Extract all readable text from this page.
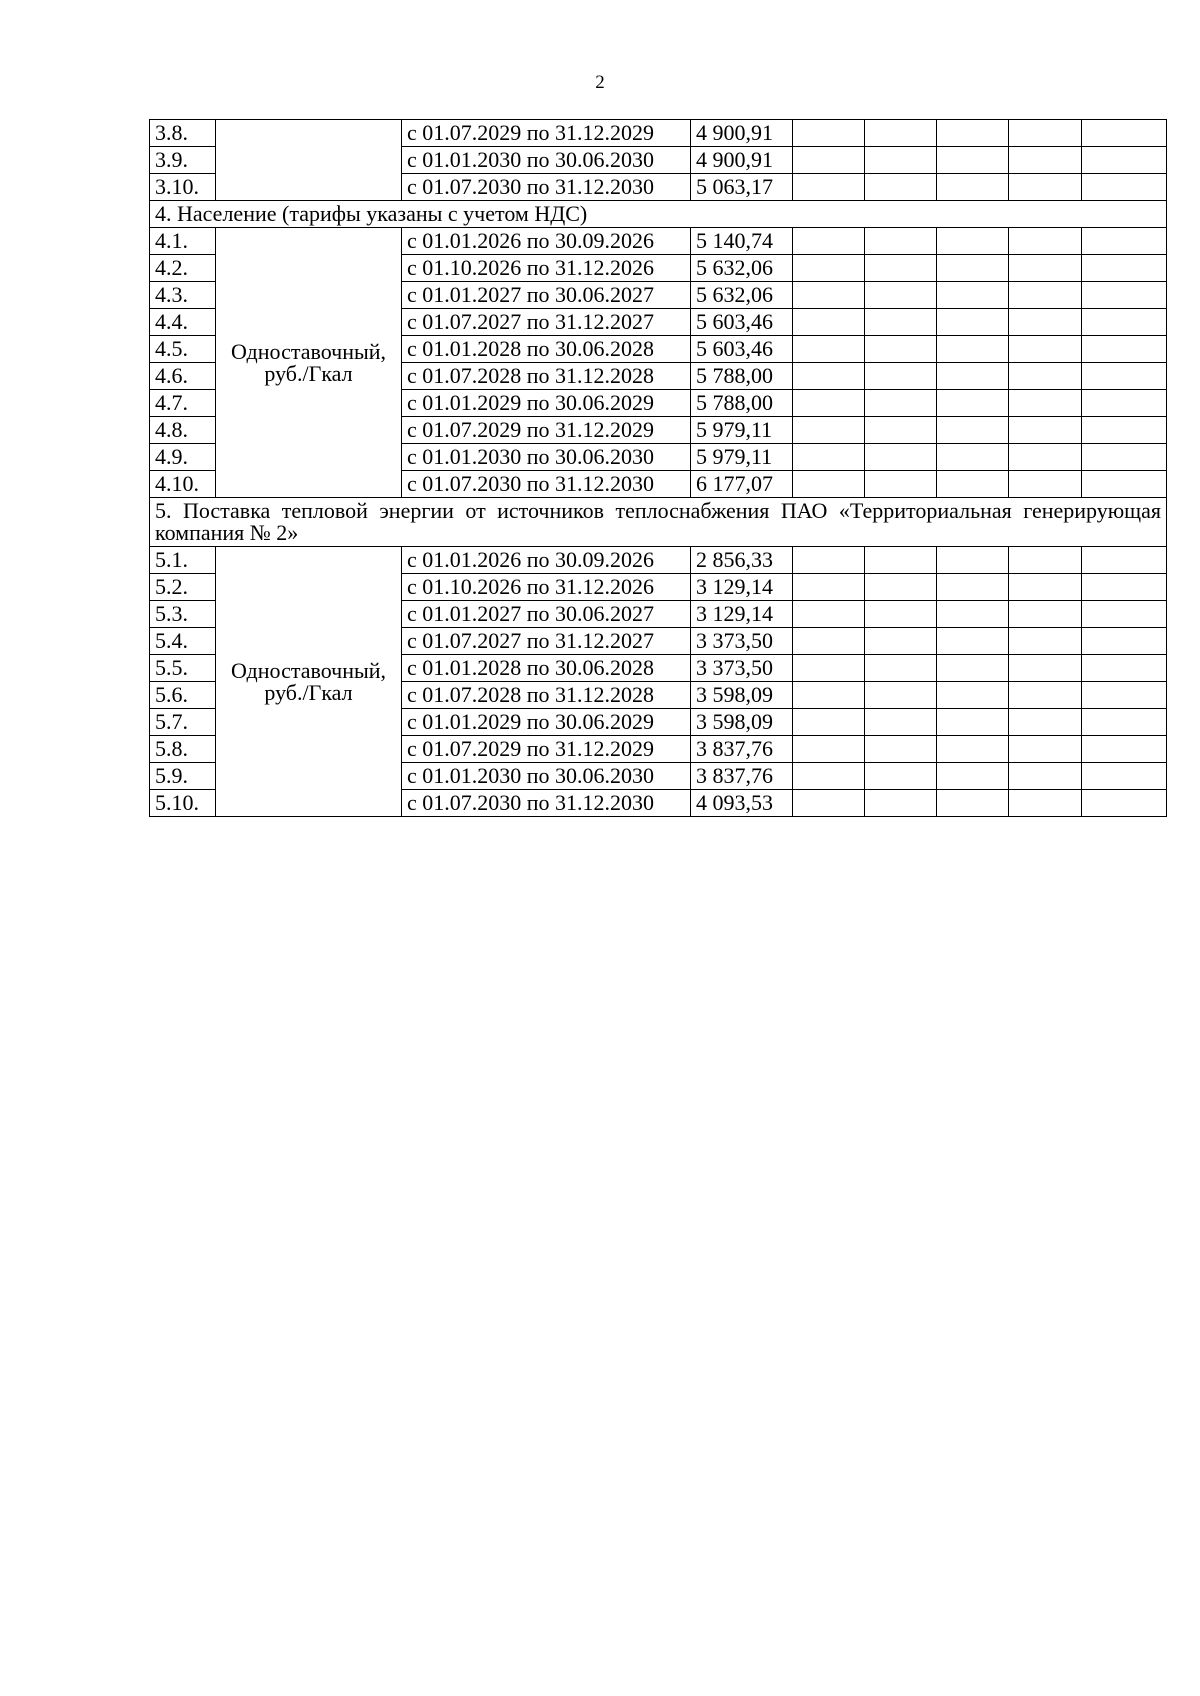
2
3.8.		с 01.07.2029 по 31.12.2029	4 900,91					
3.9.		с 01.01.2030 по 30.06.2030	4 900,91					
3.10.		с 01.07.2030 по 31.12.2030	5 063,17					
4. Население (тарифы указаны с учетом НДС)								
4.1.	Одноставочный, руб./Гкал	с 01.01.2026 по 30.09.2026	5 140,74					
4.2.		с 01.10.2026 по 31.12.2026	5 632,06					
4.3.		с 01.01.2027 по 30.06.2027	5 632,06					
4.4.		с 01.07.2027 по 31.12.2027	5 603,46					
4.5.		с 01.01.2028 по 30.06.2028	5 603,46					
4.6.		с 01.07.2028 по 31.12.2028	5 788,00					
4.7.		с 01.01.2029 по 30.06.2029	5 788,00					
4.8.		с 01.07.2029 по 31.12.2029	5 979,11					
4.9.		с 01.01.2030 по 30.06.2030	5 979,11					
4.10.		с 01.07.2030 по 31.12.2030	6 177,07					
5. Поставка тепловой энергии от источников теплоснабжения ПАО «Территориальная генерирующая компания № 2»								
5.1.	Одноставочный, руб./Гкал	с 01.01.2026 по 30.09.2026	2 856,33					
5.2.		с 01.10.2026 по 31.12.2026	3 129,14					
5.3.		с 01.01.2027 по 30.06.2027	3 129,14					
5.4.		с 01.07.2027 по 31.12.2027	3 373,50					
5.5.		с 01.01.2028 по 30.06.2028	3 373,50					
5.6.		с 01.07.2028 по 31.12.2028	3 598,09					
5.7.		с 01.01.2029 по 30.06.2029	3 598,09					
5.8.		с 01.07.2029 по 31.12.2029	3 837,76					
5.9.		с 01.01.2030 по 30.06.2030	3 837,76					
5.10.		с 01.07.2030 по 31.12.2030	4 093,53					
